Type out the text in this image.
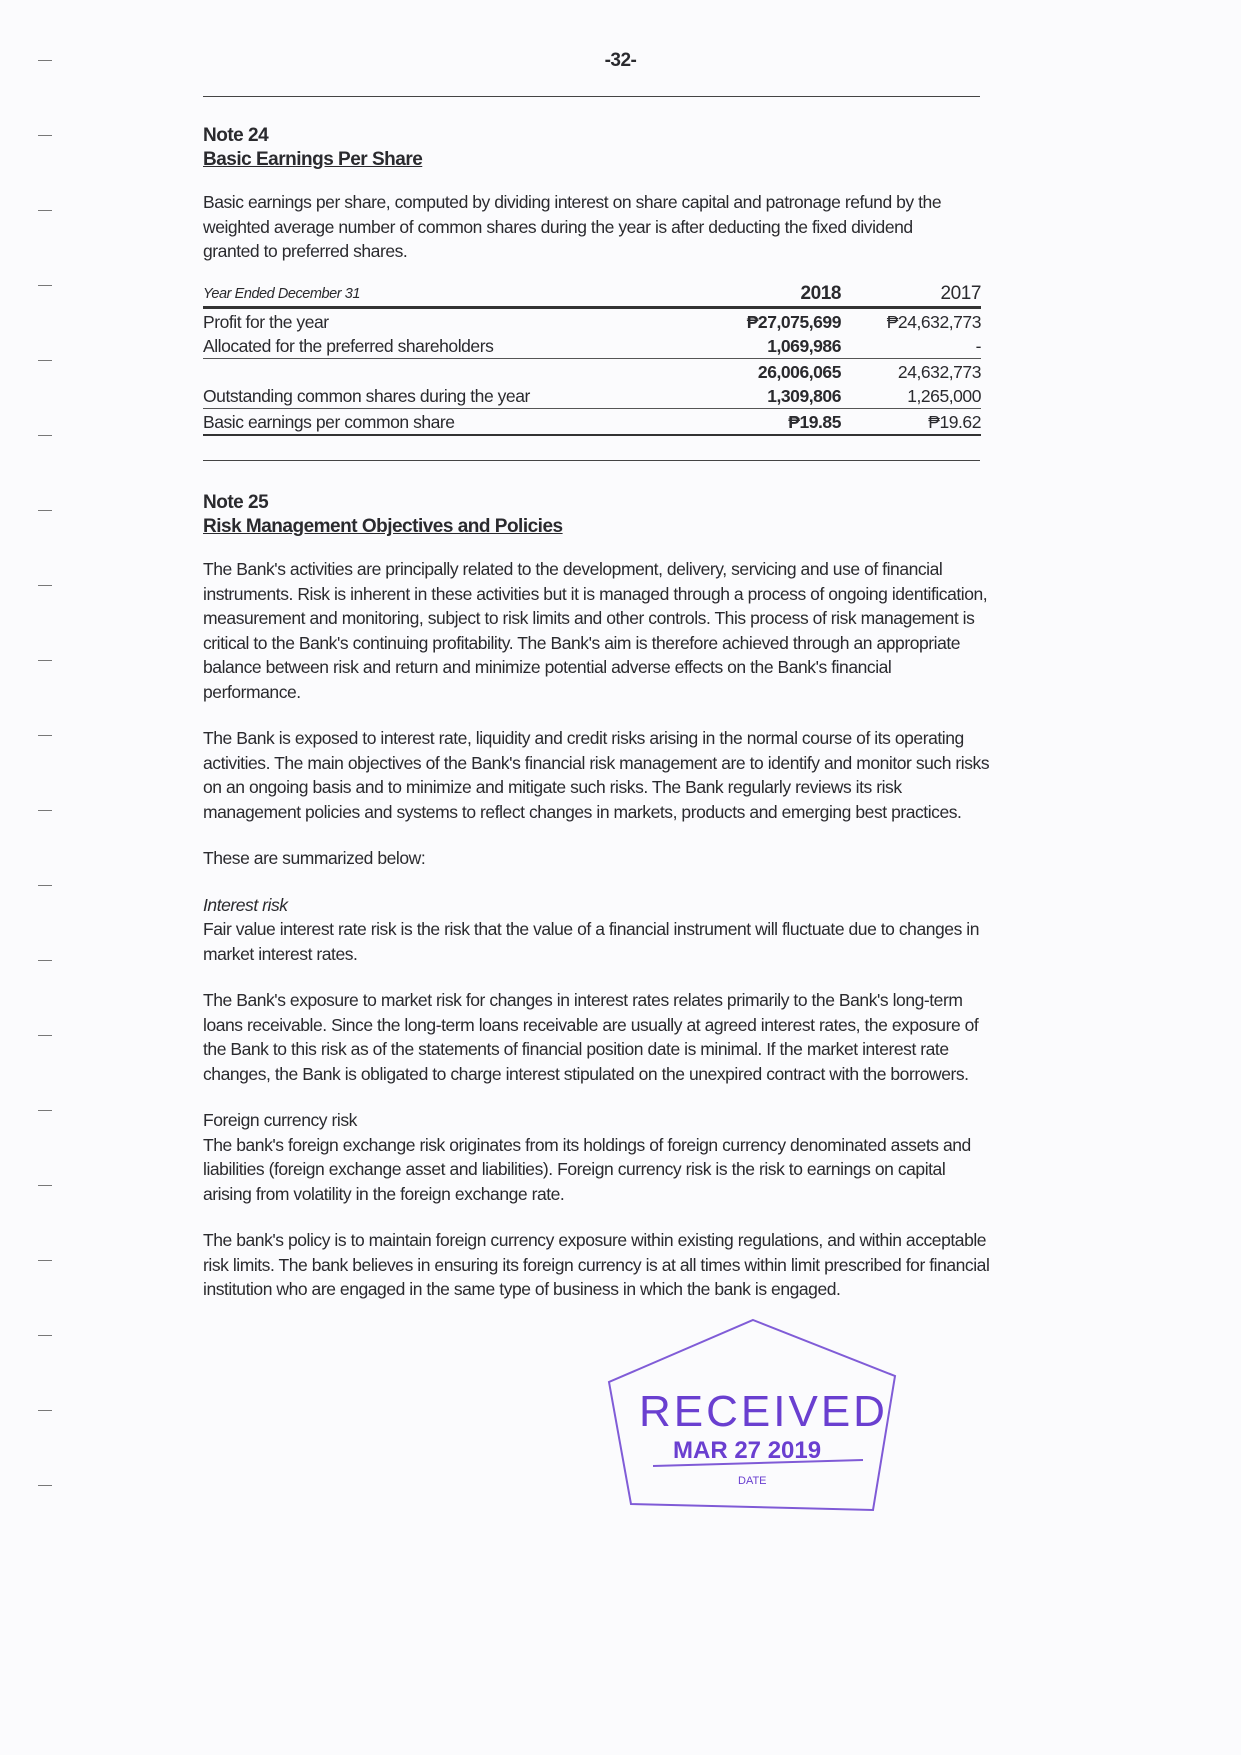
-32-
Note 24
Basic Earnings Per Share

Basic earnings per share, computed by dividing interest on share capital and patronage refund by the weighted average number of common shares during the year is after deducting the fixed dividend granted to preferred shares.

Year Ended December 31	2018	2017
Profit for the year	₱27,075,699	₱24,632,773
Allocated for the preferred shareholders	1,069,986	-
	26,006,065	24,632,773
Outstanding common shares during the year	1,309,806	1,265,000
Basic earnings per common share	₱19.85	₱19.62
Note 25
Risk Management Objectives and Policies

The Bank's activities are principally related to the development, delivery, servicing and use of financial instruments. Risk is inherent in these activities but it is managed through a process of ongoing identification, measurement and monitoring, subject to risk limits and other controls. This process of risk management is critical to the Bank's continuing profitability. The Bank's aim is therefore achieved through an appropriate balance between risk and return and minimize potential adverse effects on the Bank's financial performance.

The Bank is exposed to interest rate, liquidity and credit risks arising in the normal course of its operating activities. The main objectives of the Bank's financial risk management are to identify and monitor such risks on an ongoing basis and to minimize and mitigate such risks. The Bank regularly reviews its risk management policies and systems to reflect changes in markets, products and emerging best practices.

These are summarized below:

Interest risk

Fair value interest rate risk is the risk that the value of a financial instrument will fluctuate due to changes in market interest rates.

The Bank's exposure to market risk for changes in interest rates relates primarily to the Bank's long-term loans receivable. Since the long-term loans receivable are usually at agreed interest rates, the exposure of the Bank to this risk as of the statements of financial position date is minimal. If the market interest rate changes, the Bank is obligated to charge interest stipulated on the unexpired contract with the borrowers.

Foreign currency risk

The bank's foreign exchange risk originates from its holdings of foreign currency denominated assets and liabilities (foreign exchange asset and liabilities). Foreign currency risk is the risk to earnings on capital arising from volatility in the foreign exchange rate.

The bank's policy is to maintain foreign currency exposure within existing regulations, and within acceptable risk limits. The bank believes in ensuring its foreign currency is at all times within limit prescribed for financial institution who are engaged in the same type of business in which the bank is engaged.

RECEIVED
MAR 27 2019
DATE
